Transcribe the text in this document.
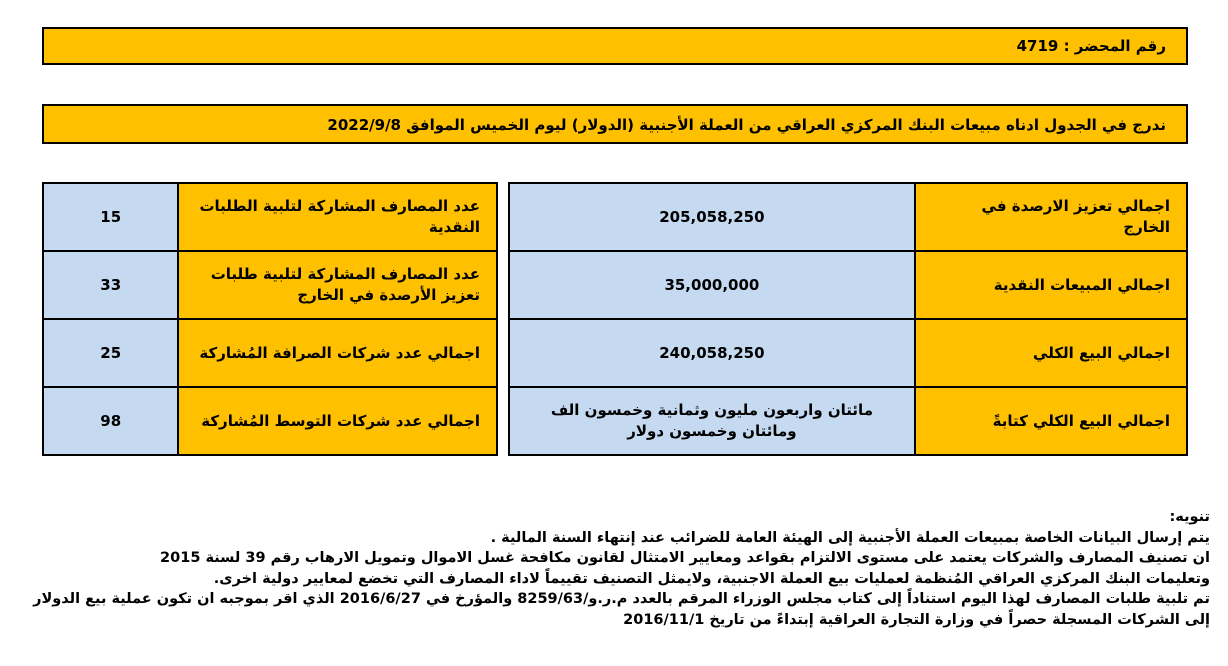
رقم المحضر : 4719
ندرج في الجدول ادناه مبيعات البنك المركزي العراقي من العملة الأجنبية (الدولار) ليوم الخميس الموافق 2022/9/8
اجمالي تعزيز الارصدة في الخارج	205,058,250
اجمالي المبيعات النقدية	35,000,000
اجمالي البيع الكلي	240,058,250
اجمالي البيع الكلي كتابةً	مائتان واربعون مليون وثمانية وخمسون الف ومائتان وخمسون دولار
عدد المصارف المشاركة لتلبية الطلبات النقدية	15
عدد المصارف المشاركة لتلبية طلبات تعزيز الأرصدة في الخارج	33
اجمالي عدد شركات الصرافة المُشاركة	25
اجمالي عدد شركات التوسط المُشاركة	98

تنويه:

يتم إرسال البيانات الخاصة بمبيعات العملة الأجنبية إلى الهيئة العامة للضرائب عند إنتهاء السنة المالية .

ان تصنيف المصارف والشركات يعتمد على مستوى الالتزام بقواعد ومعايير الامتثال لقانون مكافحة غسل الاموال وتمويل الارهاب رقم 39 لسنة 2015

وتعليمات البنك المركزي العراقي المُنظمة لعمليات بيع العملة الاجنبية، ولايمثل التصنيف تقييماً لاداء المصارف التي تخضع لمعايير دولية اخرى.

تم تلبية طلبات المصارف لهذا اليوم استناداً إلى كتاب مجلس الوزراء المرقم بالعدد م.ر.و/8259/63 والمؤرخ في 2016/6/27 الذي اقر بموجبه ان تكون عملية بيع الدولار

إلى الشركات المسجلة حصراً في وزارة التجارة العراقية إبتداءً من تاريخ 2016/11/1
